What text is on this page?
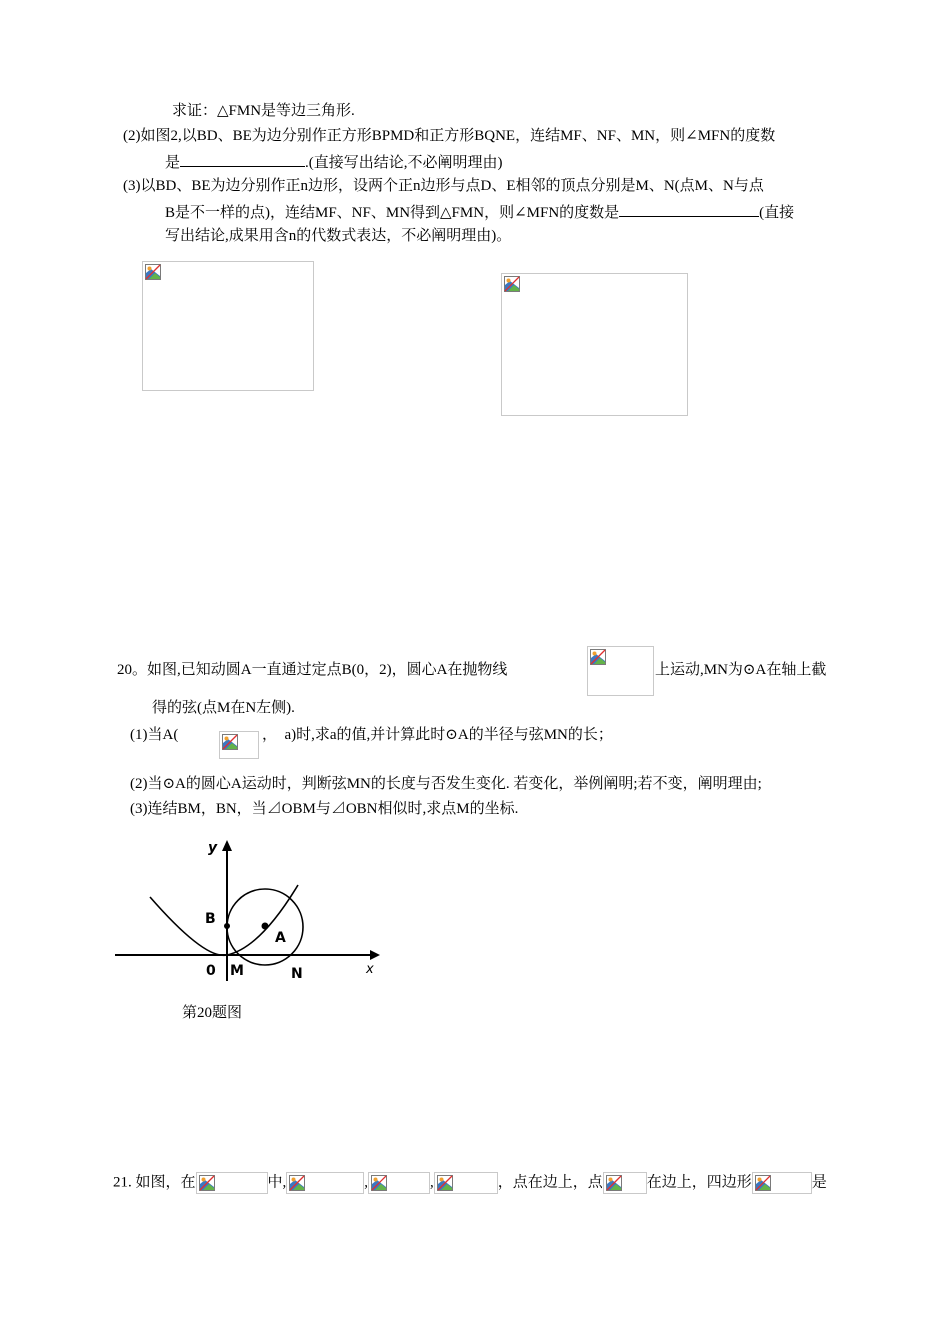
求证：△FMN是等边三角形.
(2)如图2,以BD、BE为边分别作正方形BPMD和正方形BQNE，连结MF、NF、MN，则∠MFN的度数
是	.(直接写出结论,不必阐明理由)
(3)以BD、BE为边分别作正n边形，设两个正n边形与点D、E相邻的顶点分别是M、N(点M、N与点
B是不一样的点)，连结MF、NF、MN得到△FMN，则∠MFN的度数是	(直接
写出结论,成果用含n的代数式表达，不必阐明理由)。
20。如图,已知动圆A一直通过定点B(0，2)，圆心A在抛物线	上运动,MN为⊙A在轴上截
得的弦(点M在N左侧).
(1)当A(	，　a)时,求a的值,并计算此时⊙A的半径与弦MN的长；
(2)当⊙A的圆心A运动时，判断弦MN的长度与否发生变化. 若变化，举例阐明;若不变，阐明理由;
(3)连结BM，BN，当⊿OBM与⊿OBN相似时,求点M的坐标.
y
x
B
A
0 M	N
第20题图
21. 如图，在	中,	,	,	，点在边上，点	在边上，四边形	是
